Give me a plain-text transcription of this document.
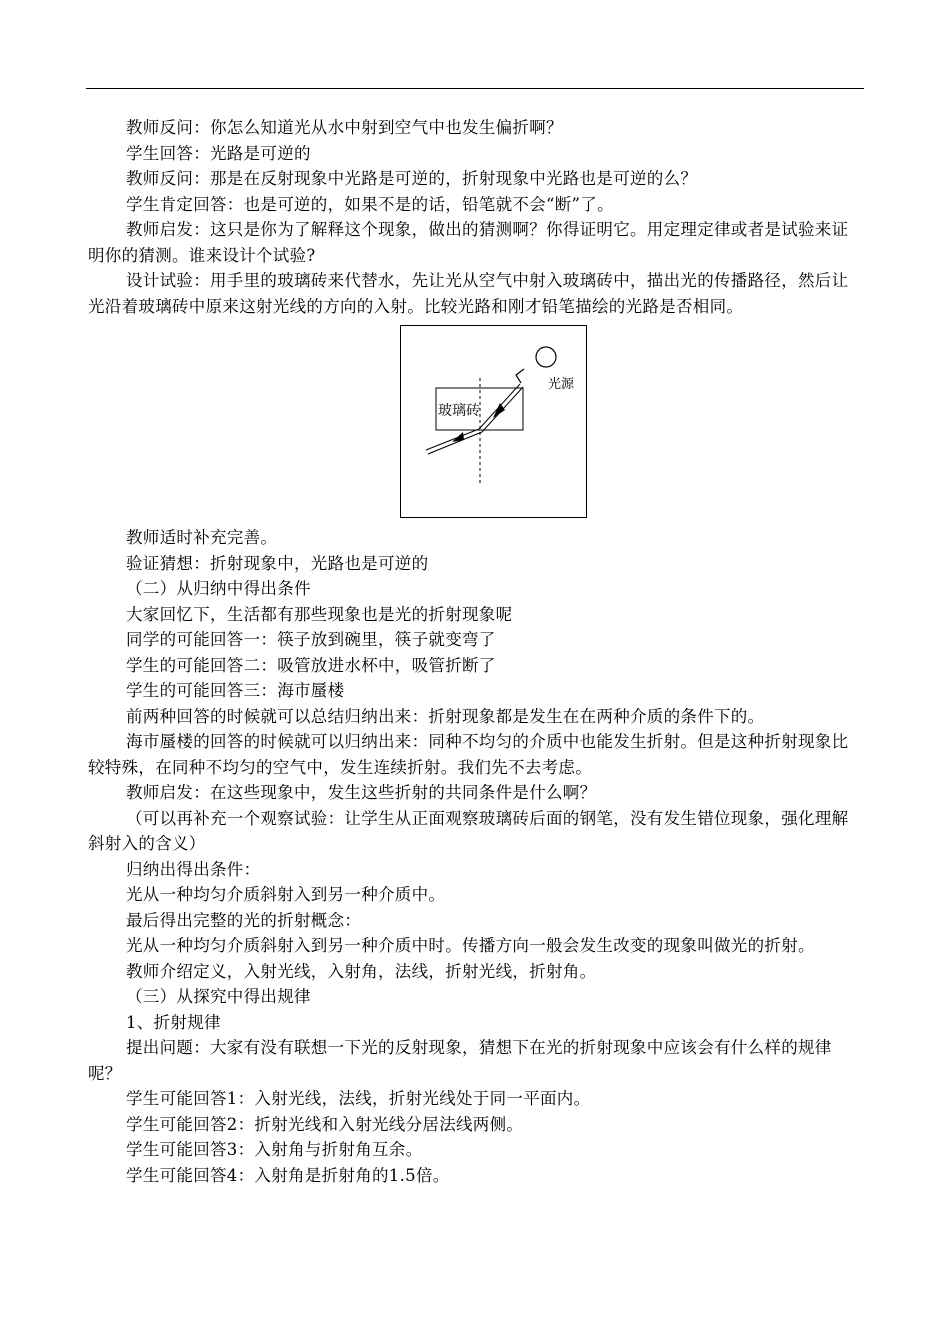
教师反问：你怎么知道光从水中射到空气中也发生偏折啊？

学生回答：光路是可逆的

教师反问：那是在反射现象中光路是可逆的，折射现象中光路也是可逆的么？

学生肯定回答：也是可逆的，如果不是的话，铅笔就不会“断”了。

教师启发：这只是你为了解释这个现象，做出的猜测啊？你得证明它。用定理定律或者是试验来证明你的猜测。谁来设计个试验?

设计试验：用手里的玻璃砖来代替水，先让光从空气中射入玻璃砖中，描出光的传播路径，然后让光沿着玻璃砖中原来这射光线的方向的入射。比较光路和刚才铅笔描绘的光路是否相同。

玻璃砖
光源

教师适时补充完善。

验证猜想：折射现象中，光路也是可逆的

（二）从归纳中得出条件

大家回忆下，生活都有那些现象也是光的折射现象呢

同学的可能回答一：筷子放到碗里，筷子就变弯了

学生的可能回答二：吸管放进水杯中，吸管折断了

学生的可能回答三：海市蜃楼

前两种回答的时候就可以总结归纳出来：折射现象都是发生在在两种介质的条件下的。

海市蜃楼的回答的时候就可以归纳出来：同种不均匀的介质中也能发生折射。但是这种折射现象比较特殊，在同种不均匀的空气中，发生连续折射。我们先不去考虑。

教师启发：在这些现象中，发生这些折射的共同条件是什么啊？

（可以再补充一个观察试验：让学生从正面观察玻璃砖后面的钢笔，没有发生错位现象，强化理解斜射入的含义）

归纳出得出条件：

光从一种均匀介质斜射入到另一种介质中。

最后得出完整的光的折射概念：

光从一种均匀介质斜射入到另一种介质中时。传播方向一般会发生改变的现象叫做光的折射。

教师介绍定义，入射光线，入射角，法线，折射光线，折射角。

（三）从探究中得出规律

1、折射规律

提出问题：大家有没有联想一下光的反射现象，猜想下在光的折射现象中应该会有什么样的规律呢？

学生可能回答1：入射光线，法线，折射光线处于同一平面内。

学生可能回答2：折射光线和入射光线分居法线两侧。

学生可能回答3：入射角与折射角互余。

学生可能回答4：入射角是折射角的1.5倍。
